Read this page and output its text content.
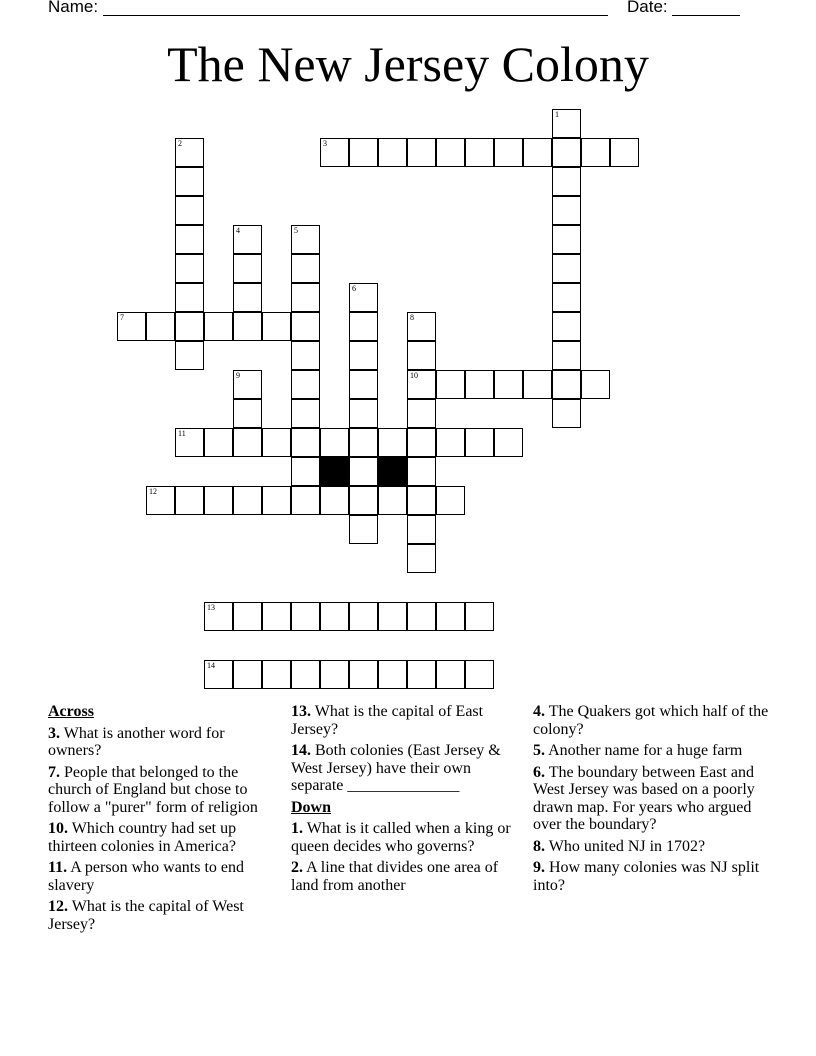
Name:	Date:
The New Jersey Colony
3
7
10
11
12
13
14
1
2
4	5
6
8
9
Across
3. What is another word for owners?
7. People that belonged to the church of England but chose to follow a "purer" form of religion
10. Which country had set up thirteen colonies in America?
11. A person who wants to end slavery
12. What is the capital of West Jersey?
13. What is the capital of East Jersey?
14. Both colonies (East Jersey & West Jersey) have their own separate ______________
Down
1. What is it called when a king or queen decides who governs?
2. A line that divides one area of land from another
4. The Quakers got which half of the colony?
5. Another name for a huge farm
6. The boundary between East and West Jersey was based on a poorly drawn map. For years who argued over the boundary?
8. Who united NJ in 1702?
9. How many colonies was NJ split into?
